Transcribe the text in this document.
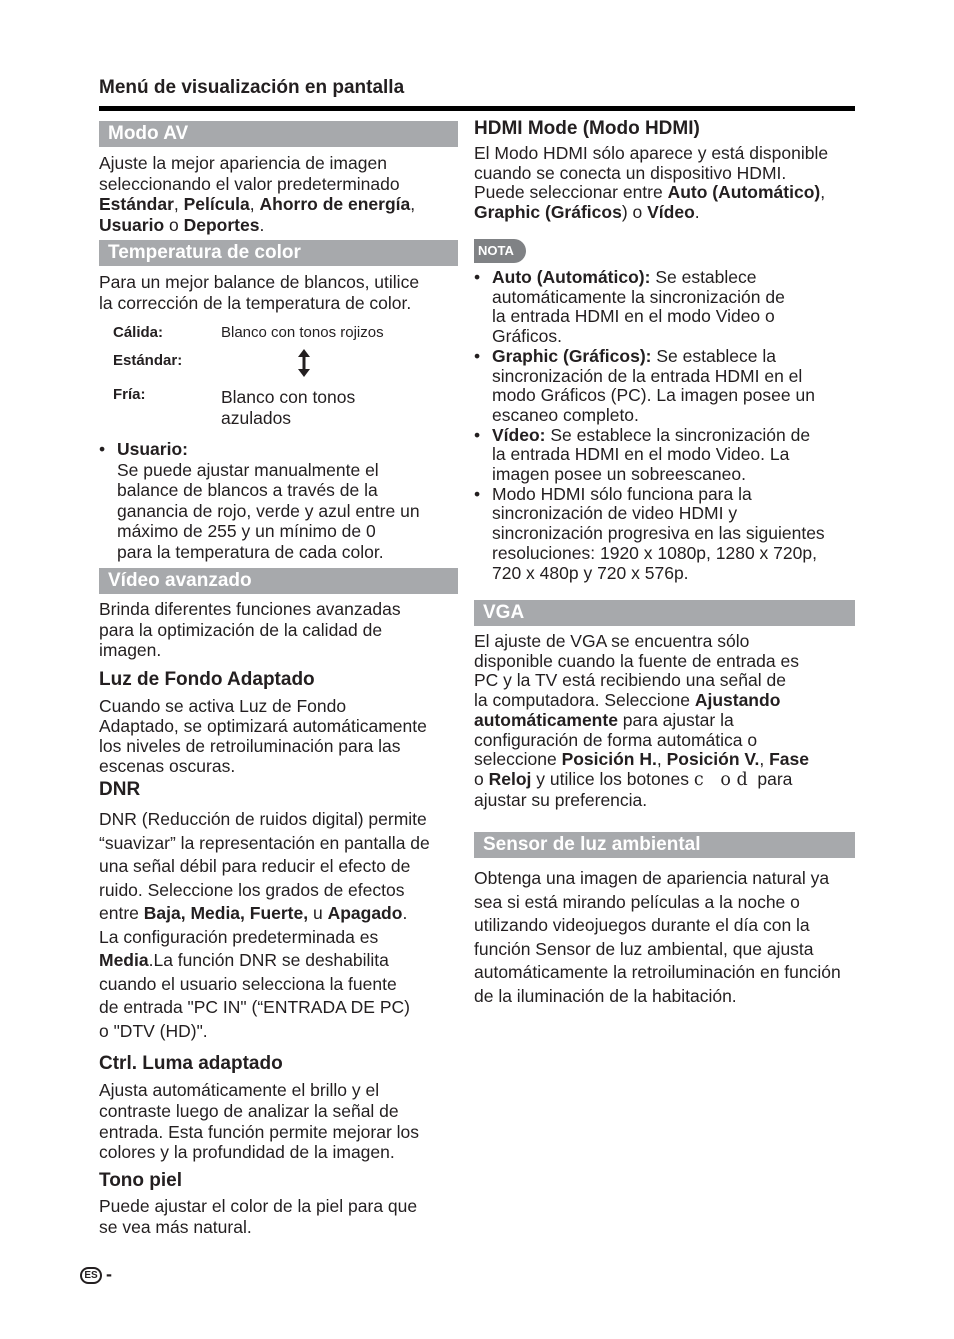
Menú de visualización en pantalla
Modo AV
Ajuste la mejor apariencia de imagen
seleccionando el valor predeterminado
Estándar, Película, Ahorro de energía,
Usuario o Deportes.
Temperatura de color
Para un mejor balance de blancos, utilice
la corrección de la temperatura de color.
Cálida:	Blanco con tonos rojizos
Estándar:
Fría:	Blanco con tonos
azulados
• Usuario:
Se puede ajustar manualmente el
balance de blancos a través de la
ganancia de rojo, verde y azul entre un
máximo de 255 y un mínimo de 0
para la temperatura de cada color.
Vídeo avanzado
Brinda diferentes funciones avanzadas
para la optimización de la calidad de
imagen.
Luz de Fondo Adaptado
Cuando se activa Luz de Fondo
Adaptado, se optimizará automáticamente
los niveles de retroiluminación para las
escenas oscuras.
DNR
DNR (Reducción de ruidos digital) permite
“suavizar” la representación en pantalla de
una señal débil para reducir el efecto de
ruido. Seleccione los grados de efectos
entre Baja, Media, Fuerte, u Apagado.
La configuración predeterminada es
Media.La función DNR se deshabilita
cuando el usuario selecciona la fuente
de entrada "PC IN" (“ENTRADA DE PC)
o "DTV (HD)".
Ctrl. Luma adaptado
Ajusta automáticamente el brillo y el
contraste luego de analizar la señal de
entrada. Esta función permite mejorar los
colores y la profundidad de la imagen.
Tono piel
Puede ajustar el color de la piel para que
se vea más natural.
HDMI Mode (Modo HDMI)
El Modo HDMI sólo aparece y está disponible
cuando se conecta un dispositivo HDMI.
Puede seleccionar entre Auto (Automático),
Graphic (Gráficos) o Vídeo.
NOTA
• Auto (Automático): Se establece
automáticamente la sincronización de
la entrada HDMI en el modo Video o
Gráficos.
• Graphic (Gráficos): Se establece la
sincronización de la entrada HDMI en el
modo Gráficos (PC). La imagen posee un
escaneo completo.
• Vídeo: Se establece la sincronización de
la entrada HDMI en el modo Video. La
imagen posee un sobreescaneo.
• Modo HDMI sólo funciona para la
sincronización de video HDMI y
sincronización progresiva en las siguientes
resoluciones: 1920 x 1080p, 1280 x 720p,
720 x 480p y 720 x 576p.
VGA
El ajuste de VGA se encuentra sólo
disponible cuando la fuente de entrada es
PC y la TV está recibiendo una señal de
la computadora. Seleccione Ajustando
automáticamente para ajustar la
configuración de forma automática o
seleccione Posición H., Posición V., Fase
o Reloj y utilice los botones c   o d  para
ajustar su preferencia.
Sensor de luz ambiental
Obtenga una imagen de apariencia natural ya
sea si está mirando películas a la noche o
utilizando videojuegos durante el día con la
función Sensor de luz ambiental, que ajusta
automáticamente la retroiluminación en función
de la iluminación de la habitación.
ES -
